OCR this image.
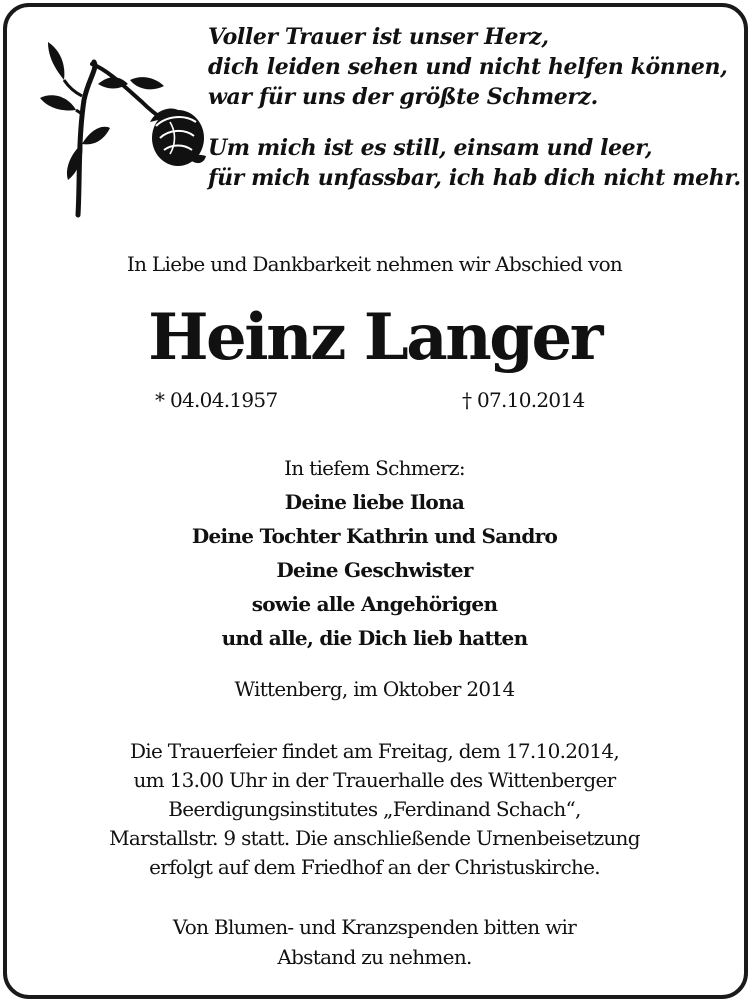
Voller Trauer ist unser Herz,
dich leiden sehen und nicht helfen können,
war für uns der größte Schmerz.
Um mich ist es still, einsam und leer,
für mich unfassbar, ich hab dich nicht mehr.
In Liebe und Dankbarkeit nehmen wir Abschied von
Heinz Langer
* 04.04.1957	† 07.10.2014
In tiefem Schmerz:
Deine liebe Ilona
Deine Tochter Kathrin und Sandro
Deine Geschwister
sowie alle Angehörigen
und alle, die Dich lieb hatten
Wittenberg, im Oktober 2014
Die Trauerfeier findet am Freitag, dem 17.10.2014,
um 13.00 Uhr in der Trauerhalle des Wittenberger
Beerdigungsinstitutes „Ferdinand Schach“,
Marstallstr. 9 statt. Die anschließende Urnenbeisetzung
erfolgt auf dem Friedhof an der Christuskirche.
Von Blumen- und Kranzspenden bitten wir
Abstand zu nehmen.
